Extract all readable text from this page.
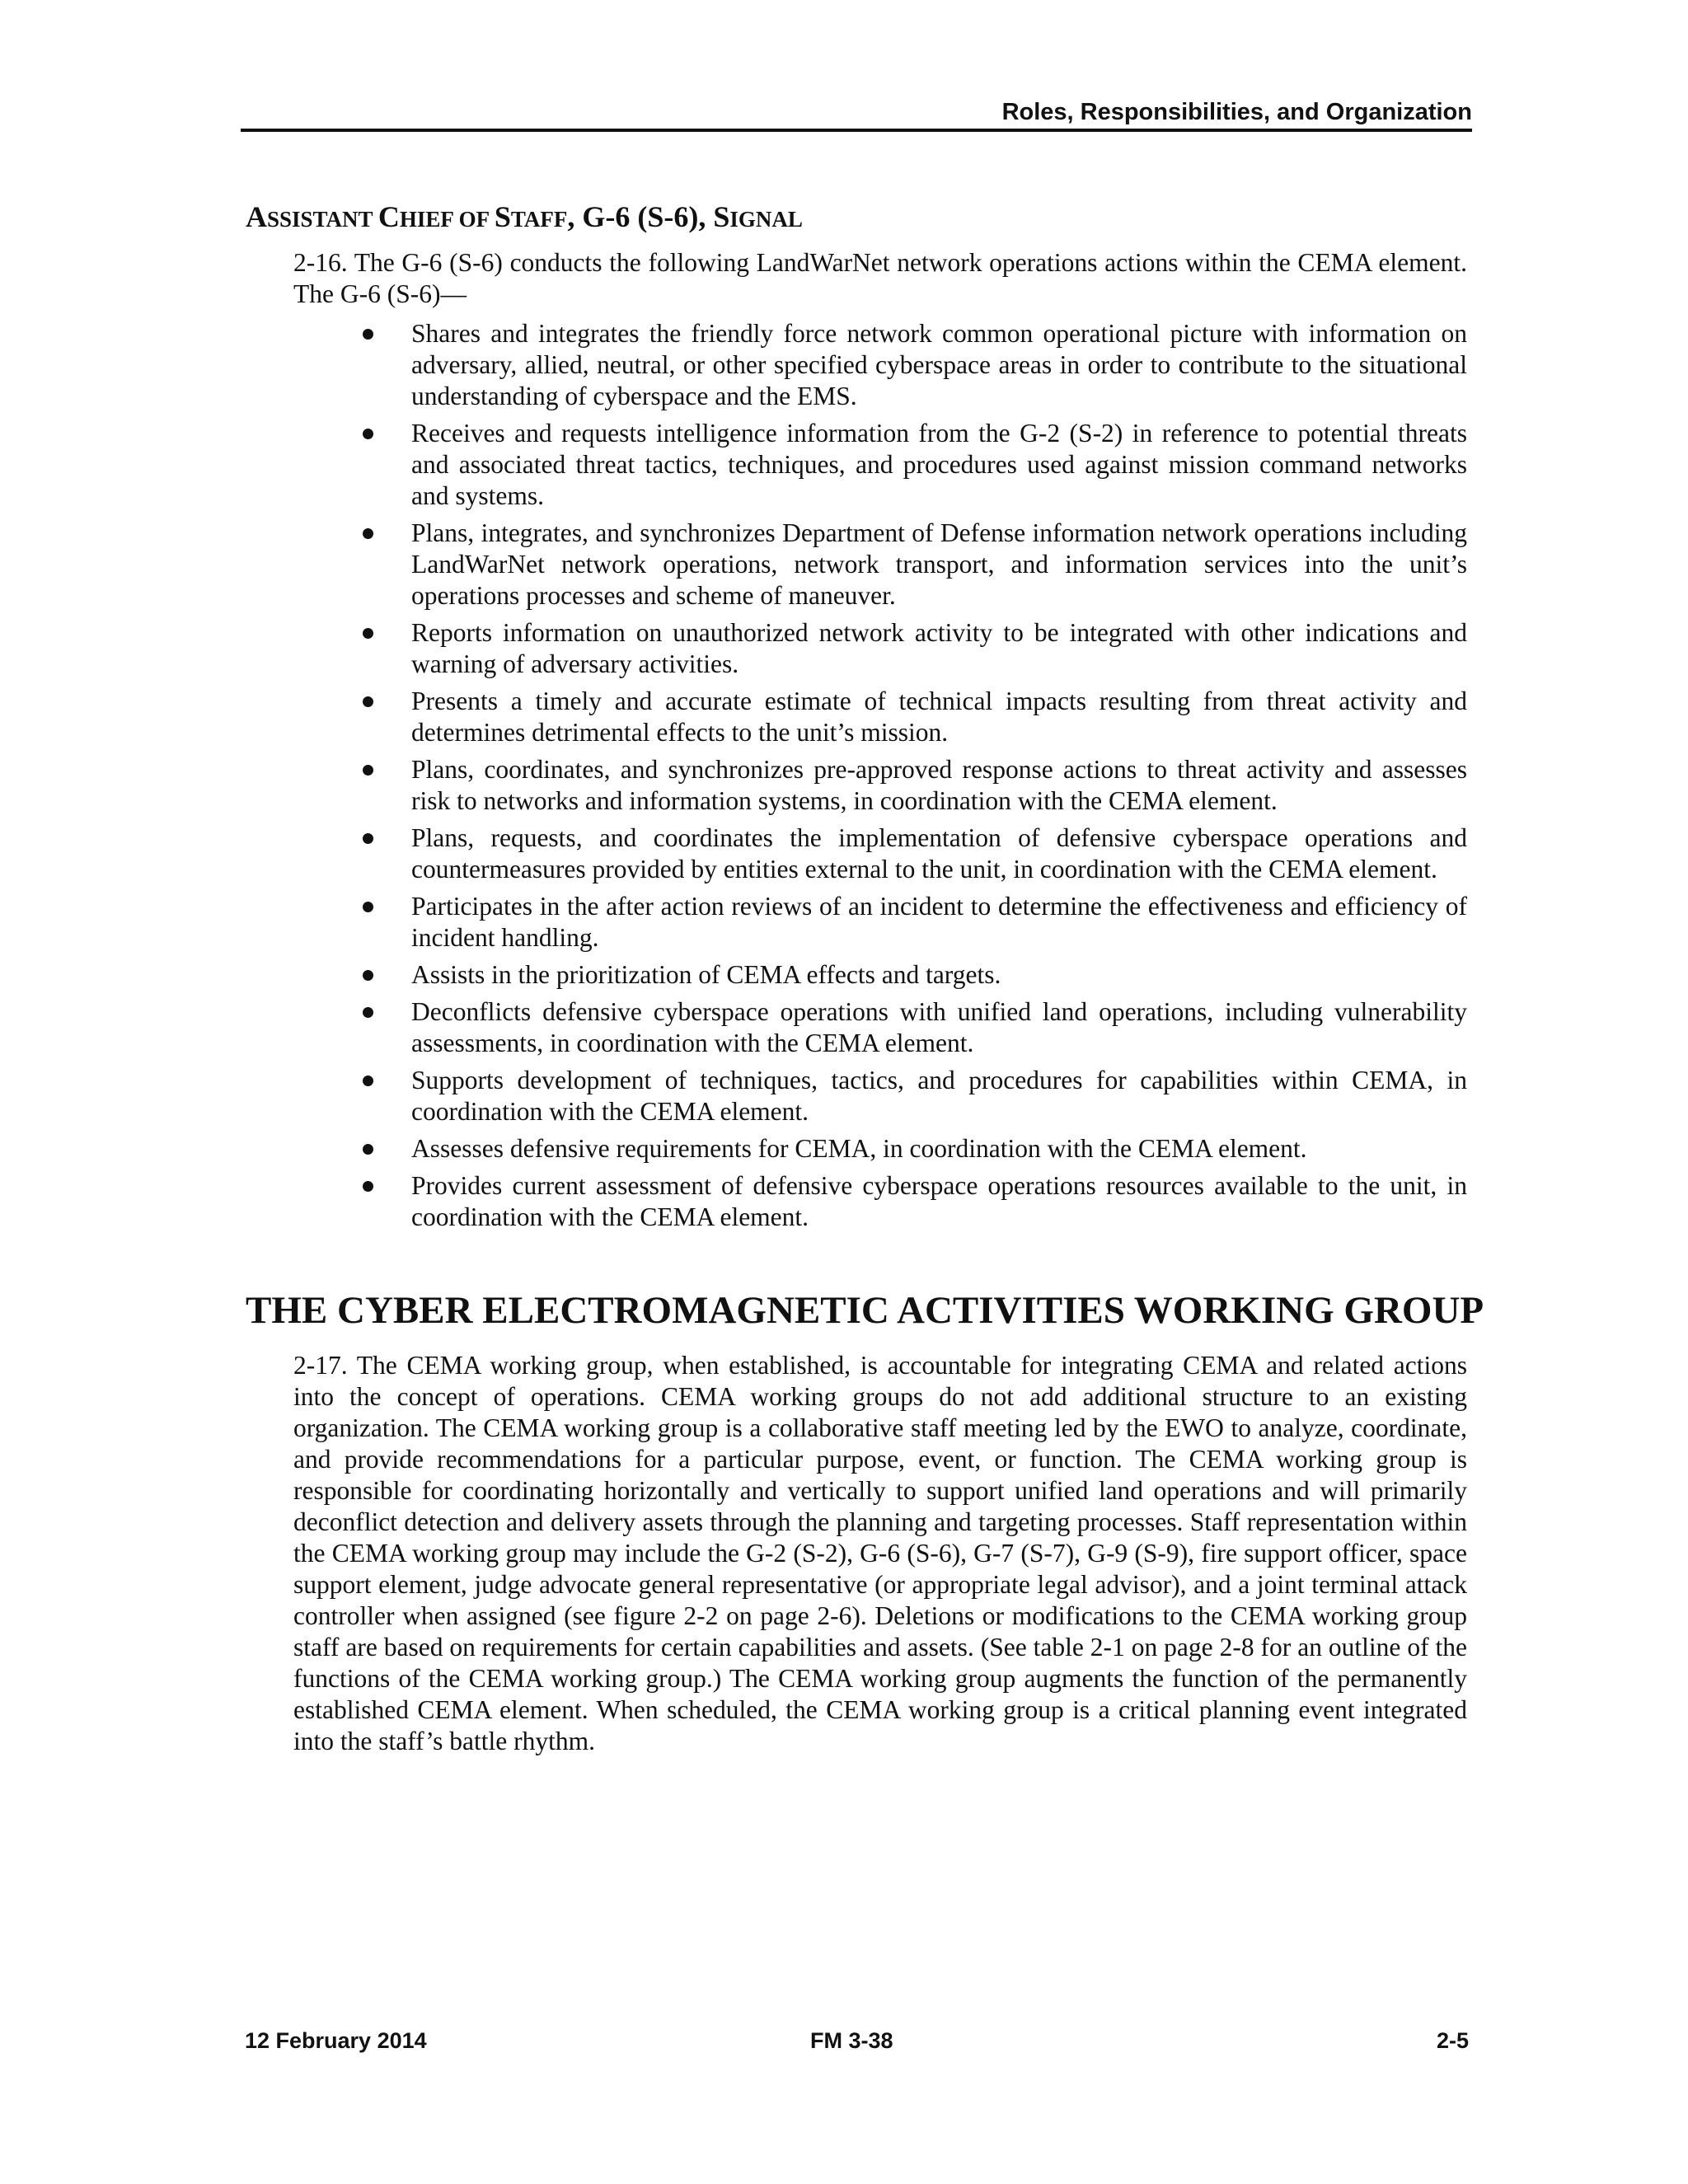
Roles, Responsibilities, and Organization
ASSISTANT CHIEF OF STAFF, G-6 (S-6), SIGNAL

2-16. The G-6 (S-6) conducts the following LandWarNet network operations actions within the CEMA element. The G-6 (S-6)—

Shares and integrates the friendly force network common operational picture with information on adversary, allied, neutral, or other specified cyberspace areas in order to contribute to the situational understanding of cyberspace and the EMS.
Receives and requests intelligence information from the G-2 (S-2) in reference to potential threats and associated threat tactics, techniques, and procedures used against mission command networks and systems.
Plans, integrates, and synchronizes Department of Defense information network operations including LandWarNet network operations, network transport, and information services into the unit’s operations processes and scheme of maneuver.
Reports information on unauthorized network activity to be integrated with other indications and warning of adversary activities.
Presents a timely and accurate estimate of technical impacts resulting from threat activity and determines detrimental effects to the unit’s mission.
Plans, coordinates, and synchronizes pre-approved response actions to threat activity and assesses risk to networks and information systems, in coordination with the CEMA element.
Plans, requests, and coordinates the implementation of defensive cyberspace operations and countermeasures provided by entities external to the unit, in coordination with the CEMA element.
Participates in the after action reviews of an incident to determine the effectiveness and efficiency of incident handling.
Assists in the prioritization of CEMA effects and targets.
Deconflicts defensive cyberspace operations with unified land operations, including vulnerability assessments, in coordination with the CEMA element.
Supports development of techniques, tactics, and procedures for capabilities within CEMA, in coordination with the CEMA element.
Assesses defensive requirements for CEMA, in coordination with the CEMA element.
Provides current assessment of defensive cyberspace operations resources available to the unit, in coordination with the CEMA element.
THE CYBER ELECTROMAGNETIC ACTIVITIES WORKING GROUP

2-17. The CEMA working group, when established, is accountable for integrating CEMA and related actions into the concept of operations. CEMA working groups do not add additional structure to an existing organization. The CEMA working group is a collaborative staff meeting led by the EWO to analyze, coordinate, and provide recommendations for a particular purpose, event, or function. The CEMA working group is responsible for coordinating horizontally and vertically to support unified land operations and will primarily deconflict detection and delivery assets through the planning and targeting processes. Staff representation within the CEMA working group may include the G-2 (S-2), G-6 (S-6), G-7 (S-7), G-9 (S-9), fire support officer, space support element, judge advocate general representative (or appropriate legal advisor), and a joint terminal attack controller when assigned (see figure 2-2 on page 2-6). Deletions or modifications to the CEMA working group staff are based on requirements for certain capabilities and assets. (See table 2-1 on page 2-8 for an outline of the functions of the CEMA working group.) The CEMA working group augments the function of the permanently established CEMA element. When scheduled, the CEMA working group is a critical planning event integrated into the staff’s battle rhythm.

12 February 2014	FM 3-38	2-5
